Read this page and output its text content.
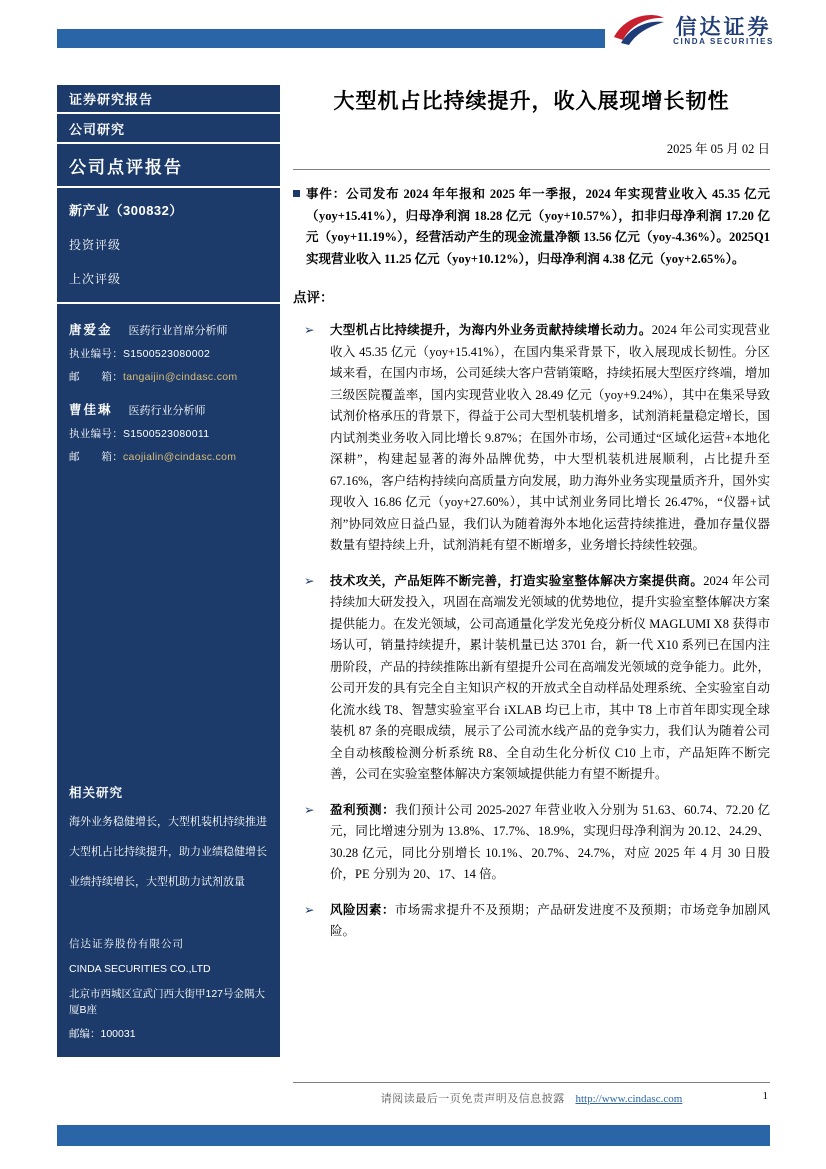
信达证券
CINDA SECURITIES
证券研究报告
公司研究
公司点评报告
新产业（300832）
投资评级
上次评级
唐爱金 医药行业首席分析师
执业编号：S1500523080002
邮　　箱：tangaijin@cindasc.com
曹佳琳 医药行业分析师
执业编号：S1500523080011
邮　　箱：caojialin@cindasc.com
相关研究
海外业务稳健增长，大型机装机持续推进
大型机占比持续提升，助力业绩稳健增长
业绩持续增长，大型机助力试剂放量
信达证券股份有限公司
CINDA SECURITIES CO.,LTD
北京市西城区宣武门西大街甲127号金隅大厦B座
邮编：100031
大型机占比持续提升，收入展现增长韧性
2025 年 05 月 02 日

事件：公司发布 2024 年年报和 2025 年一季报，2024 年实现营业收入 45.35 亿元（yoy+15.41%），归母净利润 18.28 亿元（yoy+10.57%），扣非归母净利润 17.20 亿元（yoy+11.19%），经营活动产生的现金流量净额 13.56 亿元（yoy-4.36%）。2025Q1 实现营业收入 11.25 亿元（yoy+10.12%），归母净利润 4.38 亿元（yoy+2.65%）。

点评：

➢	大型机占比持续提升，为海内外业务贡献持续增长动力。2024 年公司实现营业收入 45.35 亿元（yoy+15.41%），在国内集采背景下，收入展现成长韧性。分区域来看，在国内市场，公司延续大客户营销策略，持续拓展大型医疗终端，增加三级医院覆盖率，国内实现营业收入 28.49 亿元（yoy+9.24%），其中在集采导致试剂价格承压的背景下，得益于公司大型机装机增多，试剂消耗量稳定增长，国内试剂类业务收入同比增长 9.87%；在国外市场，公司通过“区域化运营+本地化深耕”，构建起显著的海外品牌优势，中大型机装机进展顺利，占比提升至 67.16%，客户结构持续向高质量方向发展，助力海外业务实现量质齐升，国外实现收入 16.86 亿元（yoy+27.60%），其中试剂业务同比增长 26.47%，“仪器+试剂”协同效应日益凸显，我们认为随着海外本地化运营持续推进，叠加存量仪器数量有望持续上升，试剂消耗有望不断增多，业务增长持续性较强。

➢	技术攻关，产品矩阵不断完善，打造实验室整体解决方案提供商。2024 年公司持续加大研发投入，巩固在高端发光领域的优势地位，提升实验室整体解决方案提供能力。在发光领域，公司高通量化学发光免疫分析仪 MAGLUMI X8 获得市场认可，销量持续提升，累计装机量已达 3701 台，新一代 X10 系列已在国内注册阶段，产品的持续推陈出新有望提升公司在高端发光领域的竞争能力。此外，公司开发的具有完全自主知识产权的开放式全自动样品处理系统、全实验室自动化流水线 T8、智慧实验室平台 iXLAB 均已上市，其中 T8 上市首年即实现全球装机 87 条的亮眼成绩，展示了公司流水线产品的竞争实力，我们认为随着公司全自动核酸检测分析系统 R8、全自动生化分析仪 C10 上市，产品矩阵不断完善，公司在实验室整体解决方案领域提供能力有望不断提升。

➢	盈利预测：我们预计公司 2025-2027 年营业收入分别为 51.63、60.74、72.20 亿元，同比增速分别为 13.8%、17.7%、18.9%，实现归母净利润为 20.12、24.29、30.28 亿元，同比分别增长 10.1%、20.7%、24.7%，对应 2025 年 4 月 30 日股价，PE 分别为 20、17、14 倍。

➢	风险因素：市场需求提升不及预期；产品研发进度不及预期；市场竞争加剧风险。

请阅读最后一页免责声明及信息披露 http://www.cindasc.com	1
